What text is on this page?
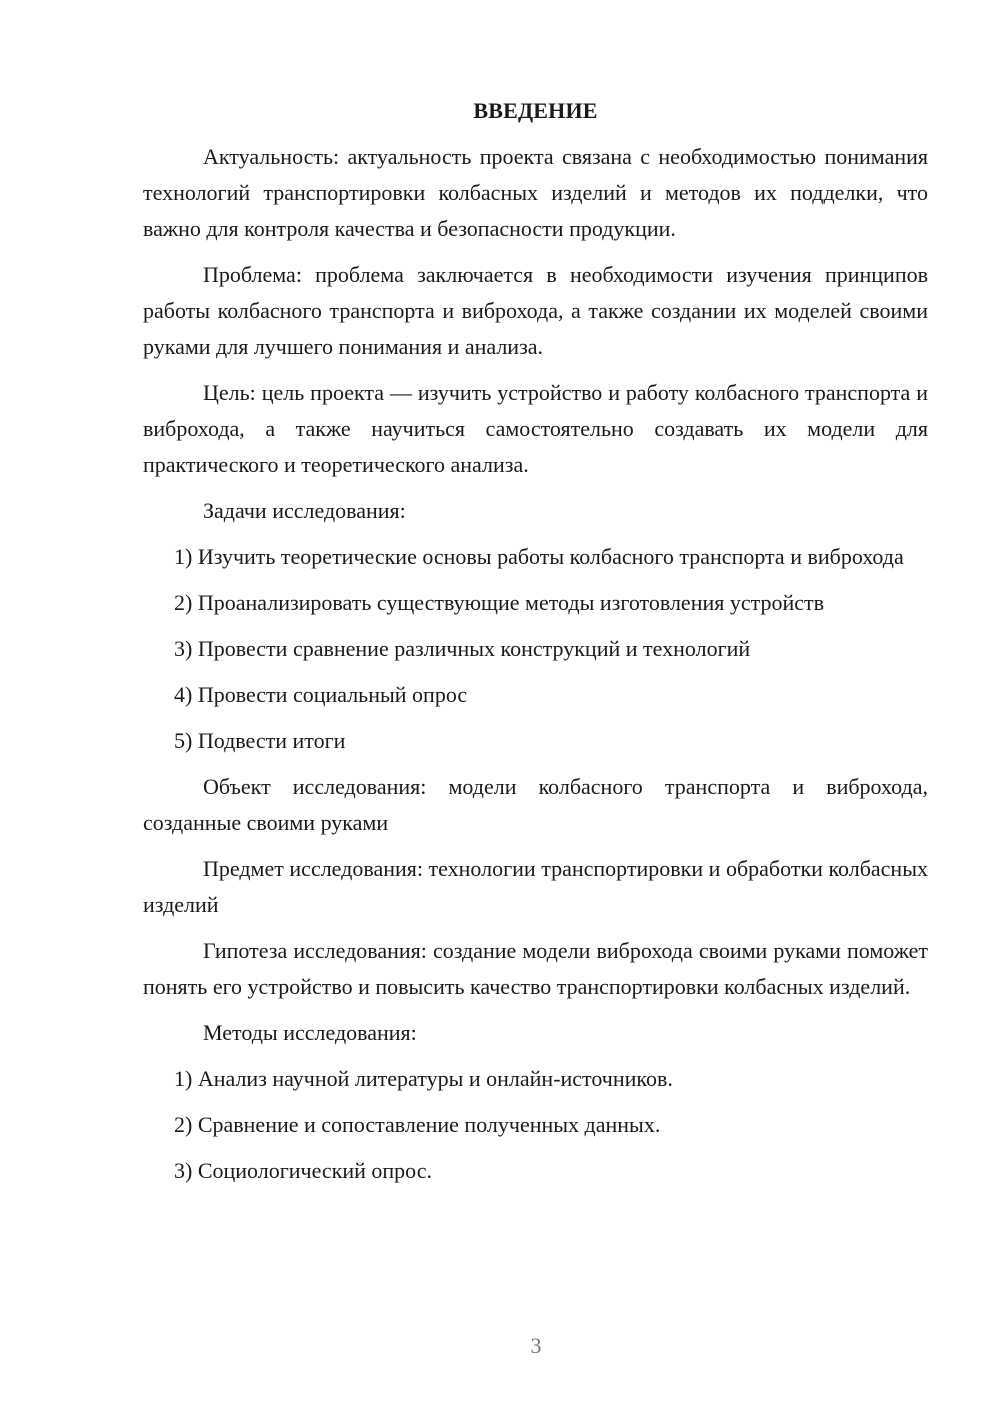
ВВЕДЕНИЕ

Актуальность: актуальность проекта связана с необходимостью понимания технологий транспортировки колбасных изделий и методов их подделки, что важно для контроля качества и безопасности продукции.

Проблема: проблема заключается в необходимости изучения принципов работы колбасного транспорта и виброхода, а также создании их моделей своими руками для лучшего понимания и анализа.

Цель: цель проекта — изучить устройство и работу колбасного транспорта и виброхода, а также научиться самостоятельно создавать их модели для практического и теоретического анализа.

Задачи исследования:

1) Изучить теоретические основы работы колбасного транспорта и виброхода

2) Проанализировать существующие методы изготовления устройств

3) Провести сравнение различных конструкций и технологий

4) Провести социальный опрос

5) Подвести итоги

Объект исследования: модели колбасного транспорта и виброхода, созданные своими руками

Предмет исследования: технологии транспортировки и обработки колбасных изделий

Гипотеза исследования: создание модели виброхода своими руками поможет понять его устройство и повысить качество транспортировки колбасных изделий.

Методы исследования:

1) Анализ научной литературы и онлайн-источников.

2) Сравнение и сопоставление полученных данных.

3) Социологический опрос.

3
